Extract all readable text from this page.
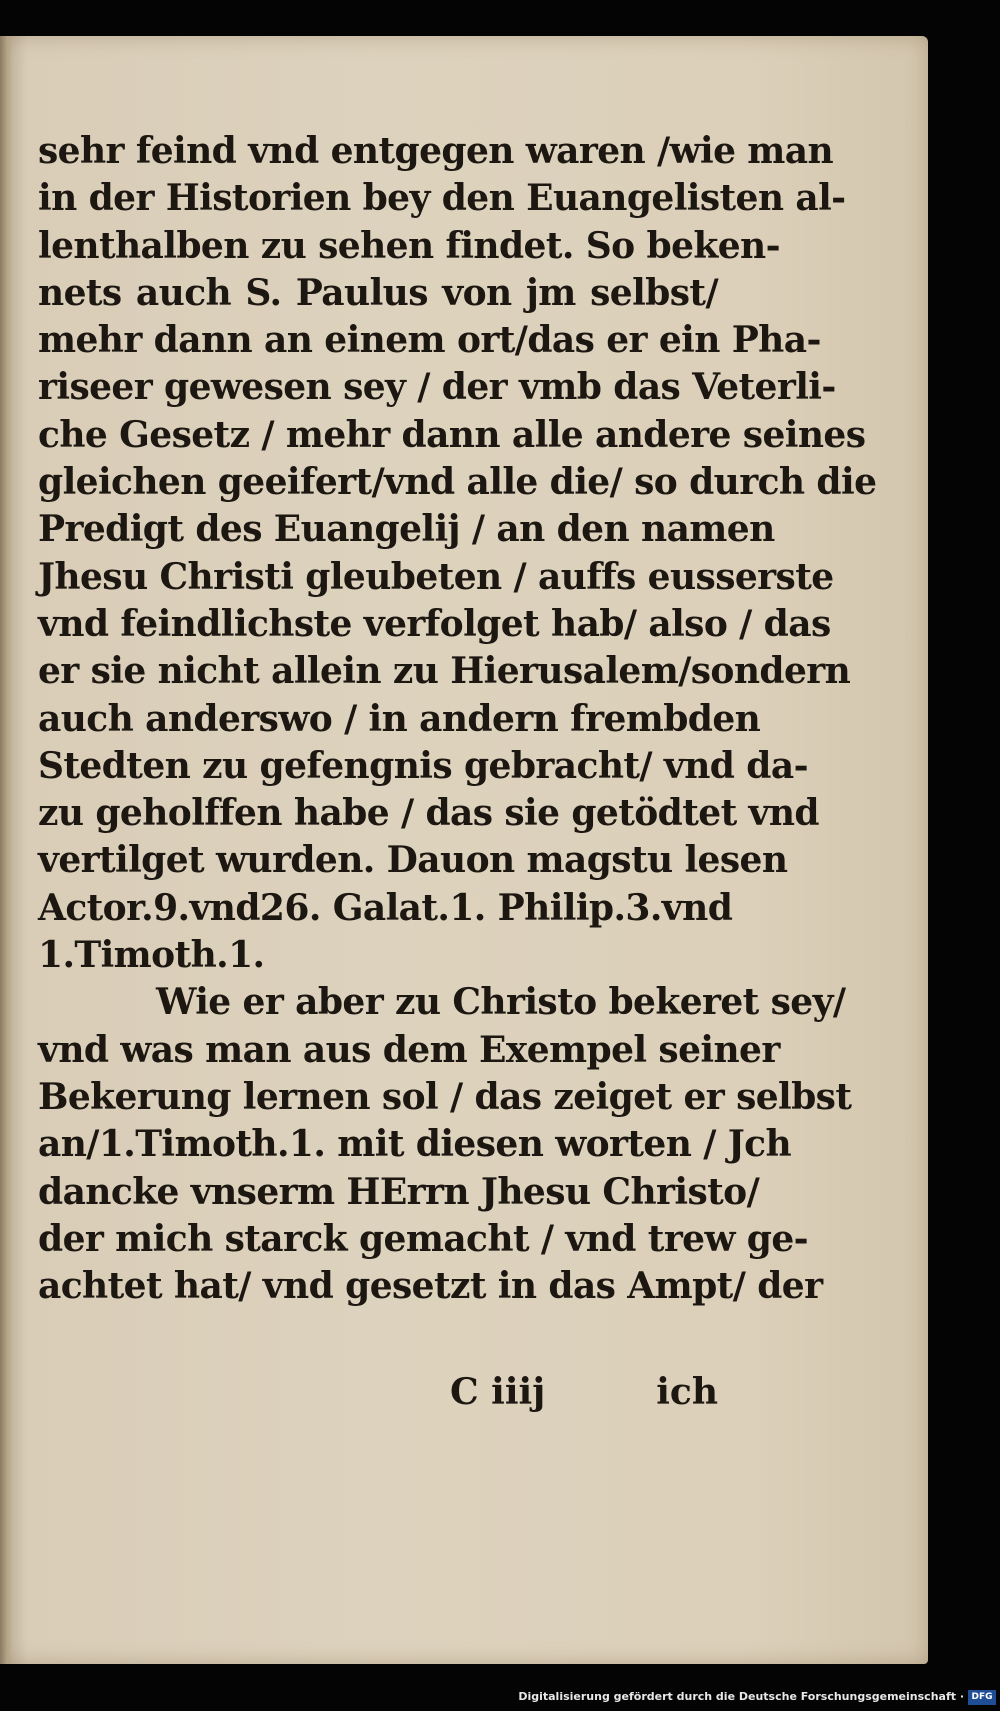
sehr feind vnd entgegen waren /wie man
in der Historien bey den Euangelisten al-
lenthalben zu sehen findet. So beken-
nets auch S. Paulus von jm selbst/
mehr dann an einem ort/das er ein Pha-
riseer gewesen sey / der vmb das Veterli-
che Gesetz / mehr dann alle andere seines
gleichen geeifert/vnd alle die/ so durch die
Predigt des Euangelij / an den namen
Jhesu Christi gleubeten / auffs eusserste
vnd feindlichste verfolget hab/ also / das
er sie nicht allein zu Hierusalem/sondern
auch anderswo / in andern frembden
Stedten zu gefengnis gebracht/ vnd da-
zu geholffen habe / das sie getödtet vnd
vertilget wurden. Dauon magstu lesen
Actor.9.vnd26. Galat.1. Philip.3.vnd
1.Timoth.1.
Wie er aber zu Christo bekeret sey/
vnd was man aus dem Exempel seiner
Bekerung lernen sol / das zeiget er selbst
an/1.Timoth.1. mit diesen worten / Jch
dancke vnserm HErrn Jhesu Christo/
der mich starck gemacht / vnd trew ge-
achtet hat/ vnd gesetzt in das Ampt/ der
C iiij	ich
Digitalisierung gefördert durch die Deutsche Forschungsgemeinschaft · DFG
